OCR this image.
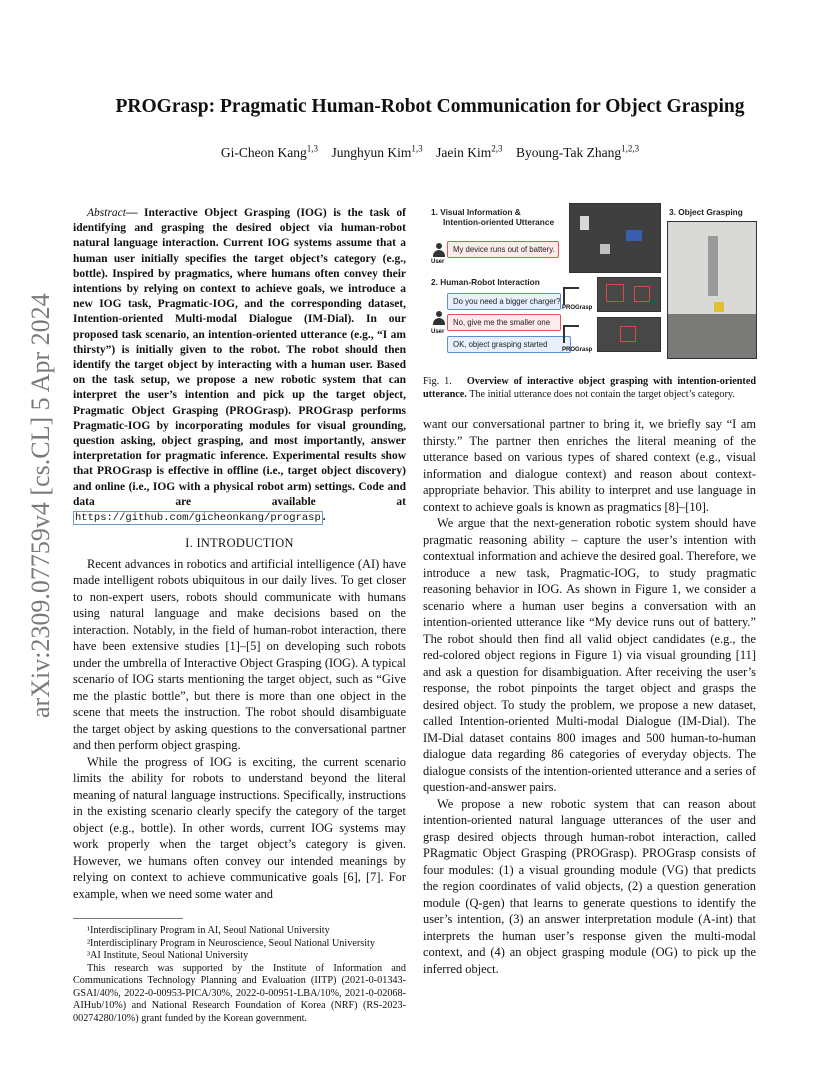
arXiv:2309.07759v4 [cs.CL] 5 Apr 2024
PROGrasp: Pragmatic Human-Robot Communication for Object Grasping
Gi-Cheon Kang$^{1,3}$ Junghyun Kim$^{1,3}$ Jaein Kim$^{2,3}$ Byoung-Tak Zhang$^{1,2,3}$

Abstract— Interactive Object Grasping (IOG) is the task of identifying and grasping the desired object via human-robot natural language interaction. Current IOG systems assume that a human user initially specifies the target object’s category (e.g., bottle). Inspired by pragmatics, where humans often convey their intentions by relying on context to achieve goals, we introduce a new IOG task, Pragmatic-IOG, and the corresponding dataset, Intention-oriented Multi-modal Dialogue (IM-Dial). In our proposed task scenario, an intention-oriented utterance (e.g., “I am thirsty”) is initially given to the robot. The robot should then identify the target object by interacting with a human user. Based on the task setup, we propose a new robotic system that can interpret the user’s intention and pick up the target object, Pragmatic Object Grasping (PROGrasp). PROGrasp performs Pragmatic-IOG by incorporating modules for visual grounding, question asking, object grasping, and most importantly, answer interpretation for pragmatic inference. Experimental results show that PROGrasp is effective in offline (i.e., target object discovery) and online (i.e., IOG with a physical robot arm) settings. Code and data are available at https://github.com/gicheonkang/prograsp .

I. INTRODUCTION

Recent advances in robotics and artificial intelligence (AI) have made intelligent robots ubiquitous in our daily lives. To get closer to non-expert users, robots should communicate with humans using natural language and make decisions based on the interaction. Notably, in the field of human-robot interaction, there have been extensive studies [1]–[5] on developing such robots under the umbrella of Interactive Object Grasping (IOG). A typical scenario of IOG starts mentioning the target object, such as “Give me the plastic bottle”, but there is more than one object in the scene that meets the instruction. The robot should disambiguate the target object by asking questions to the conversational partner and then perform object grasping.

While the progress of IOG is exciting, the current scenario limits the ability for robots to understand beyond the literal meaning of natural language instructions. Specifically, instructions in the existing scenario clearly specify the category of the target object (e.g., bottle). In other words, current IOG systems may work properly when the target object’s category is given. However, we humans often convey our intended meanings by relying on context to achieve communicative goals [6], [7]. For example, when we need some water and

¹Interdisciplinary Program in AI, Seoul National University

²Interdisciplinary Program in Neuroscience, Seoul National University

³AI Institute, Seoul National University

This research was supported by the Institute of Information and Communications Technology Planning and Evaluation (IITP) (2021-0-01343-GSAI/40%, 2022-0-00953-PICA/30%, 2022-0-00951-LBA/10%, 2021-0-02068-AIHub/10%) and National Research Foundation of Korea (NRF) (RS-2023-00274280/10%) grant funded by the Korean government.

1. Visual Information &
Intention-oriented Utterance
User
My device runs out of battery.
2. Human-Robot Interaction
Do you need a bigger charger?
User
No, give me the smaller one
OK, object grasping started
PROGrasp
PROGrasp
3. Object Grasping
Fig. 1. Overview of interactive object grasping with intention-oriented utterance. The initial utterance does not contain the target object’s category.

want our conversational partner to bring it, we briefly say “I am thirsty.” The partner then enriches the literal meaning of the utterance based on various types of shared context (e.g., visual information and dialogue context) and reason about context-appropriate behavior. This ability to interpret and use language in context to achieve goals is known as pragmatics [8]–[10].

We argue that the next-generation robotic system should have pragmatic reasoning ability – capture the user’s intention with contextual information and achieve the desired goal. Therefore, we introduce a new task, Pragmatic-IOG, to study pragmatic reasoning behavior in IOG. As shown in Figure 1, we consider a scenario where a human user begins a conversation with an intention-oriented utterance like “My device runs out of battery.” The robot should then find all valid object candidates (e.g., the red-colored object regions in Figure 1) via visual grounding [11] and ask a question for disambiguation. After receiving the user’s response, the robot pinpoints the target object and grasps the desired object. To study the problem, we propose a new dataset, called Intention-oriented Multi-modal Dialogue (IM-Dial). The IM-Dial dataset contains 800 images and 500 human-to-human dialogue data regarding 86 categories of everyday objects. The dialogue consists of the intention-oriented utterance and a series of question-and-answer pairs.

We propose a new robotic system that can reason about intention-oriented natural language utterances of the user and grasp desired objects through human-robot interaction, called PRagmatic Object Grasping (PROGrasp). PROGrasp consists of four modules: (1) a visual grounding module (VG) that predicts the region coordinates of valid objects, (2) a question generation module (Q-gen) that learns to generate questions to identify the user’s intention, (3) an answer interpretation module (A-int) that interprets the human user’s response given the multi-modal context, and (4) an object grasping module (OG) to pick up the inferred object.
